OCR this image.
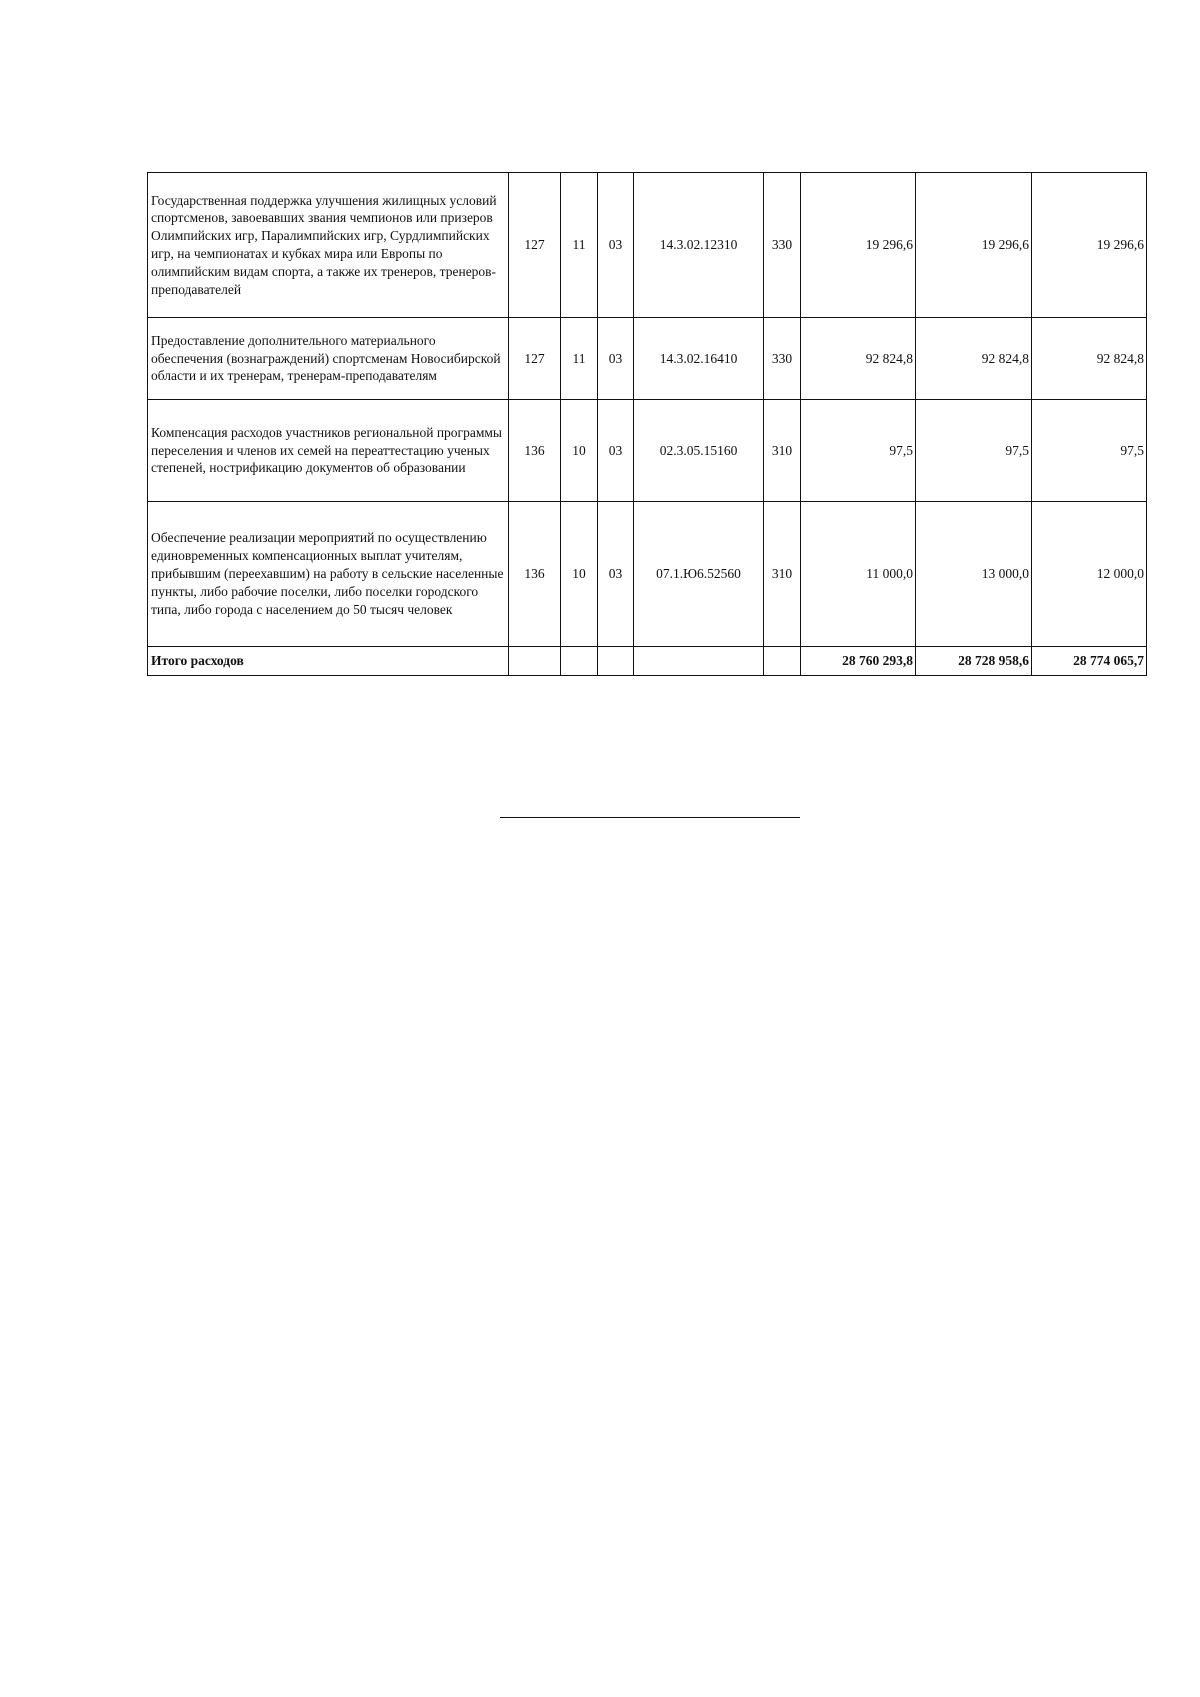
Государственная поддержка улучшения жилищных условий спортсменов, завоевавших звания чемпионов или призеров Олимпийских игр, Паралимпийских игр, Сурдлимпийских игр, на чемпионатах и кубках мира или Европы по олимпийским видам спорта, а также их тренеров, тренеров-преподавателей	127	11	03	14.3.02.12310	330	19 296,6	19 296,6	19 296,6
Предоставление дополнительного материального обеспечения (вознаграждений) спортсменам Новосибирской области и их тренерам, тренерам-преподавателям	127	11	03	14.3.02.16410	330	92 824,8	92 824,8	92 824,8
Компенсация расходов участников региональной программы переселения и членов их семей на переаттестацию ученых степеней, нострификацию документов об образовании	136	10	03	02.3.05.15160	310	97,5	97,5	97,5
Обеспечение реализации мероприятий по осуществлению единовременных компенсационных выплат учителям, прибывшим (переехавшим) на работу в сельские населенные пункты, либо рабочие поселки, либо поселки городского типа, либо города с населением до 50 тысяч человек	136	10	03	07.1.Ю6.52560	310	11 000,0	13 000,0	12 000,0
Итого расходов						28 760 293,8	28 728 958,6	28 774 065,7
